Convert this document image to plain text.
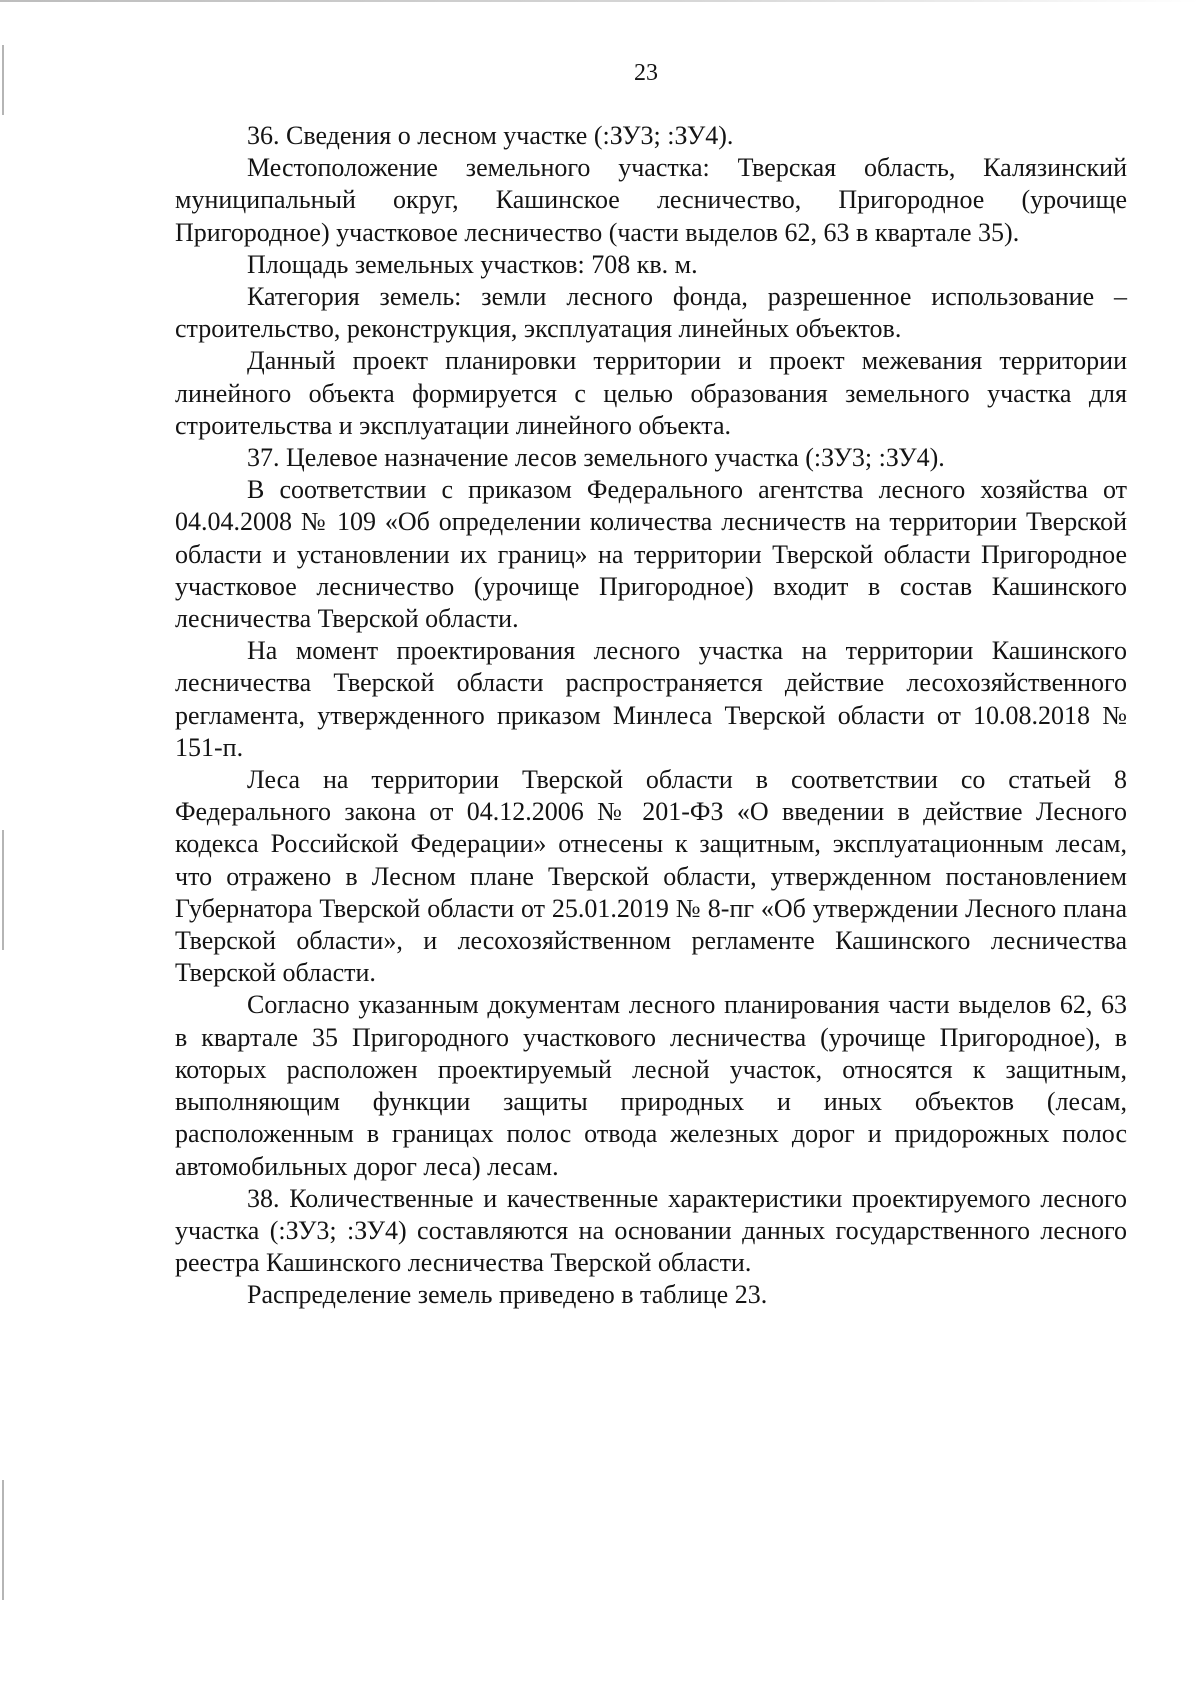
23

36. Сведения о лесном участке (:ЗУ3; :ЗУ4).

Местоположение земельного участка: Тверская область, Калязинский муниципальный округ, Кашинское лесничество, Пригородное (урочище Пригородное) участковое лесничество (части выделов 62, 63 в квартале 35).

Площадь земельных участков: 708 кв. м.

Категория земель: земли лесного фонда, разрешенное использование – строительство, реконструкция, эксплуатация линейных объектов.

Данный проект планировки территории и проект межевания территории линейного объекта формируется с целью образования земельного участка для строительства и эксплуатации линейного объекта.

37. Целевое назначение лесов земельного участка (:ЗУ3; :ЗУ4).

В соответствии с приказом Федерального агентства лесного хозяйства от 04.04.2008 № 109 «Об определении количества лесничеств на территории Тверской области и установлении их границ» на территории Тверской области Пригородное участковое лесничество (урочище Пригородное) входит в состав Кашинского лесничества Тверской области.

На момент проектирования лесного участка на территории Кашинского лесничества Тверской области распространяется действие лесохозяйственного регламента, утвержденного приказом Минлеса Тверской области от 10.08.2018 № 151-п.

Леса на территории Тверской области в соответствии со статьей 8 Федерального закона от 04.12.2006 № 201-ФЗ «О введении в действие Лесного кодекса Российской Федерации» отнесены к защитным, эксплуатационным лесам, что отражено в Лесном плане Тверской области, утвержденном постановлением Губернатора Тверской области от 25.01.2019 № 8-пг «Об утверждении Лесного плана Тверской области», и лесохозяйственном регламенте Кашинского лесничества Тверской области.

Согласно указанным документам лесного планирования части выделов 62, 63 в квартале 35 Пригородного участкового лесничества (урочище Пригородное), в которых расположен проектируемый лесной участок, относятся к защитным, выполняющим функции защиты природных и иных объектов (лесам, расположенным в границах полос отвода железных дорог и придорожных полос автомобильных дорог леса) лесам.

38. Количественные и качественные характеристики проектируемого лесного участка (:ЗУ3; :ЗУ4) составляются на основании данных государственного лесного реестра Кашинского лесничества Тверской области.

Распределение земель приведено в таблице 23.
